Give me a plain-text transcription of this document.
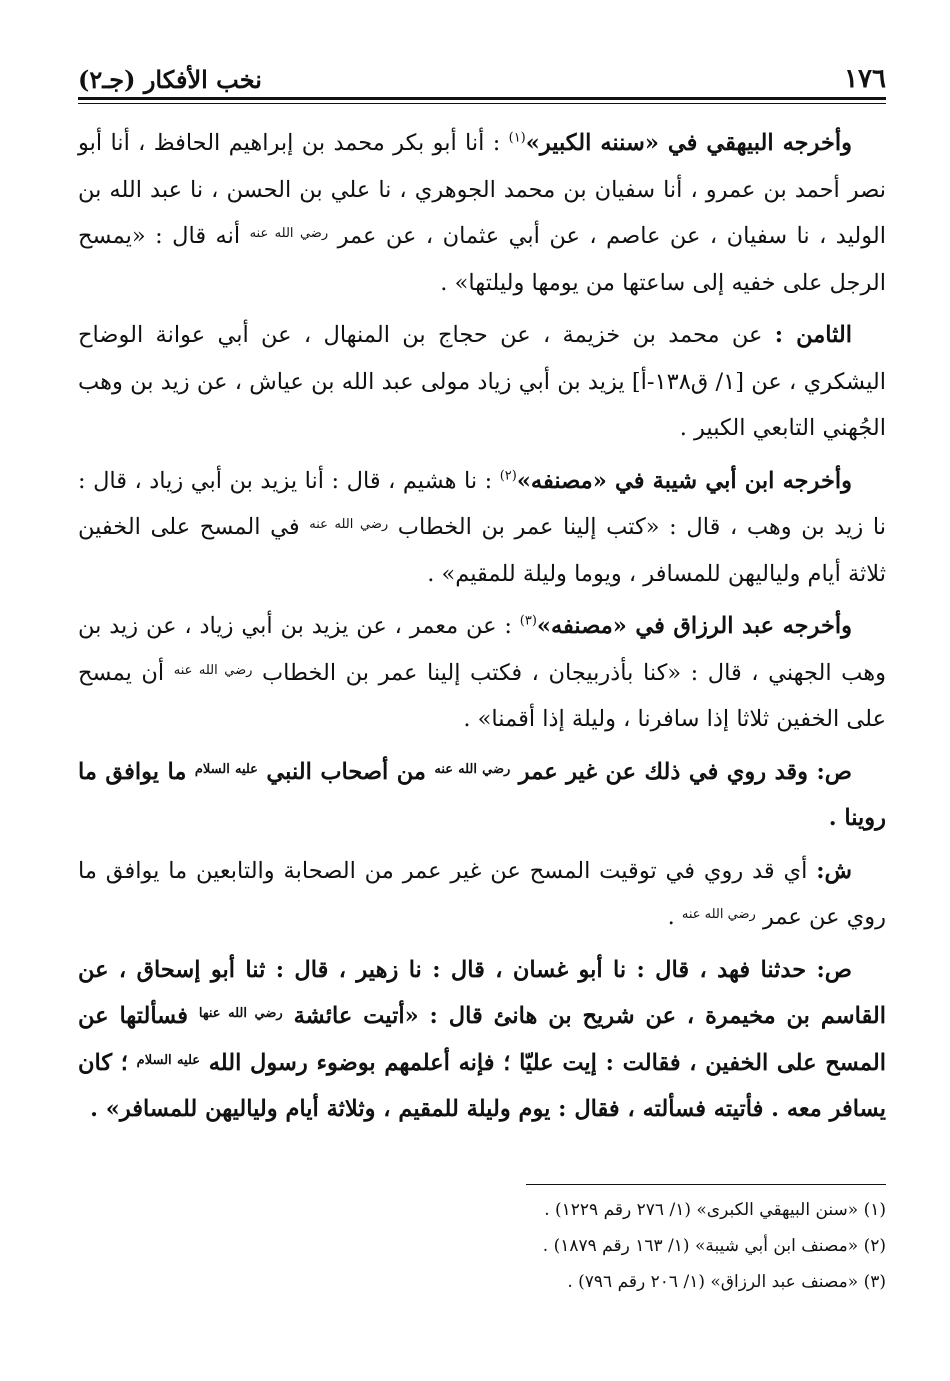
١٧٦
نخب الأفكار (جـ٢)

وأخرجه البيهقي في «سننه الكبير»$^{(١)}$ : أنا أبو بكر محمد بن إبراهيم الحافظ ، أنا أبو نصر أحمد بن عمرو ، أنا سفيان بن محمد الجوهري ، نا علي بن الحسن ، نا عبد الله بن الوليد ، نا سفيان ، عن عاصم ، عن أبي عثمان ، عن عمر $^{رضي الله عنه}$ أنه قال : «يمسح الرجل على خفيه إلى ساعتها من يومها وليلتها» .

الثامن : عن محمد بن خزيمة ، عن حجاج بن المنهال ، عن أبي عوانة الوضاح اليشكري ، عن [١/ ق١٣٨-أ] يزيد بن أبي زياد مولى عبد الله بن عياش ، عن زيد بن وهب الجُهني التابعي الكبير .

وأخرجه ابن أبي شيبة في «مصنفه»$^{(٢)}$ : نا هشيم ، قال : أنا يزيد بن أبي زياد ، قال : نا زيد بن وهب ، قال : «كتب إلينا عمر بن الخطاب $^{رضي الله عنه}$ في المسح على الخفين ثلاثة أيام ولياليهن للمسافر ، ويوما وليلة للمقيم» .

وأخرجه عبد الرزاق في «مصنفه»$^{(٣)}$ : عن معمر ، عن يزيد بن أبي زياد ، عن زيد بن وهب الجهني ، قال : «كنا بأذربيجان ، فكتب إلينا عمر بن الخطاب $^{رضي الله عنه}$ أن يمسح على الخفين ثلاثا إذا سافرنا ، وليلة إذا أقمنا» .

ص: وقد روي في ذلك عن غير عمر $^{رضي الله عنه}$ من أصحاب النبي $^{عليه السلام}$ ما يوافق ما روينا .

ش: أي قد روي في توقيت المسح عن غير عمر من الصحابة والتابعين ما يوافق ما روي عن عمر $^{رضي الله عنه}$ .

ص: حدثنا فهد ، قال : نا أبو غسان ، قال : نا زهير ، قال : ثنا أبو إسحاق ، عن القاسم بن مخيمرة ، عن شريح بن هانئ قال : «أتيت عائشة $^{رضي الله عنها}$ فسألتها عن المسح على الخفين ، فقالت : إيت عليّا ؛ فإنه أعلمهم بوضوء رسول الله $^{عليه السلام}$ ؛ كان يسافر معه . فأتيته فسألته ، فقال : يوم وليلة للمقيم ، وثلاثة أيام ولياليهن للمسافر» .

(١) «سنن البيهقي الكبرى» (١/ ٢٧٦ رقم ١٢٢٩) .

(٢) «مصنف ابن أبي شيبة» (١/ ١٦٣ رقم ١٨٧٩) .

(٣) «مصنف عبد الرزاق» (١/ ٢٠٦ رقم ٧٩٦) .
